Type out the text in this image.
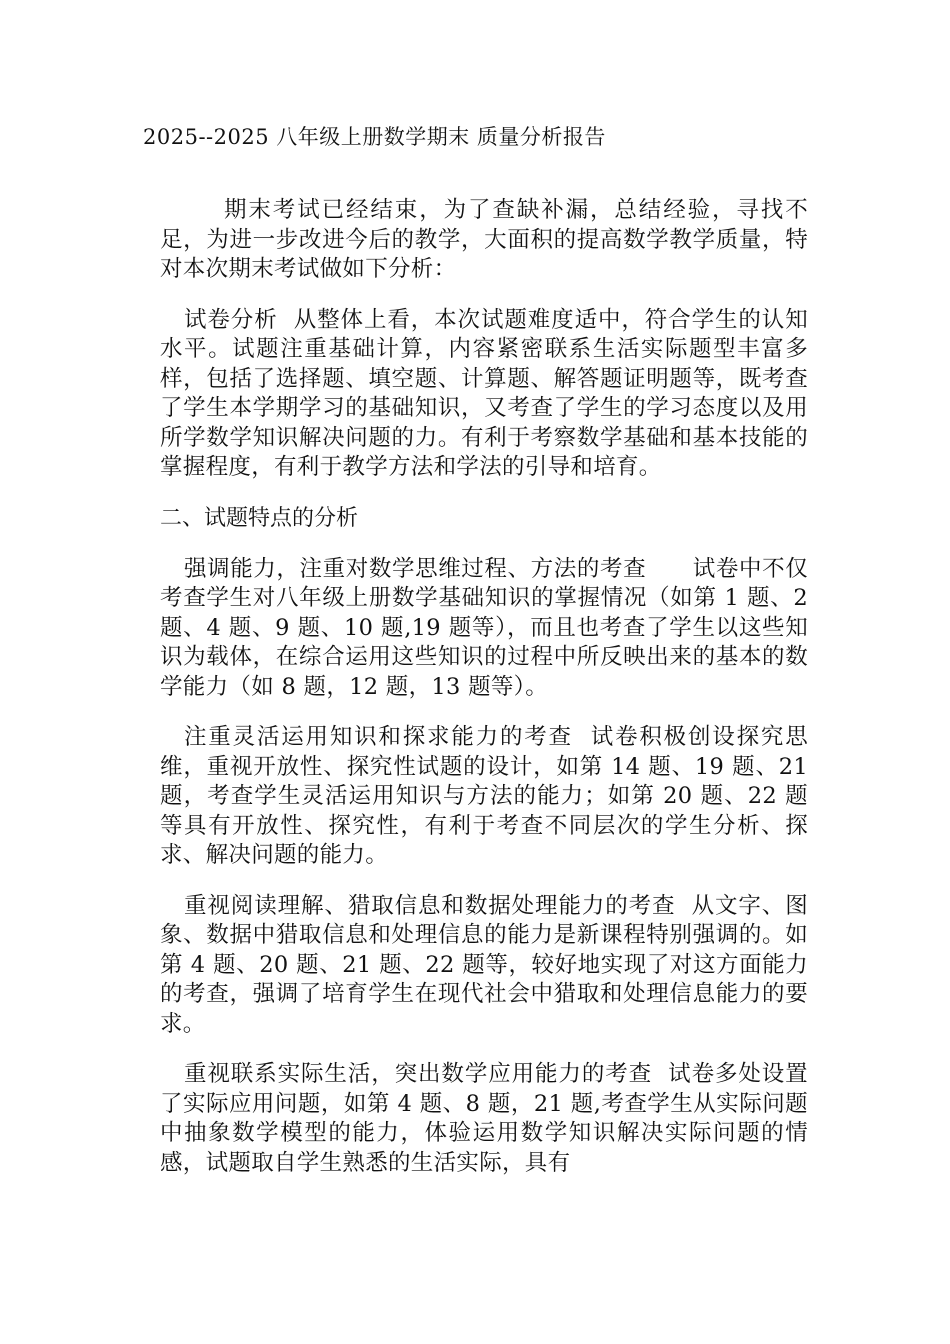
2025--2025 八年级上册数学期末 质量分析报告

期末考试已经结束，为了查缺补漏，总结经验，寻找不足，为进一步改进今后的教学，大面积的提高数学教学质量，特对本次期末考试做如下分析：

试卷分析  从整体上看，本次试题难度适中，符合学生的认知水平。试题注重基础计算，内容紧密联系生活实际题型丰富多样，包括了选择题、填空题、计算题、解答题证明题等，既考查了学生本学期学习的基础知识，又考查了学生的学习态度以及用所学数学知识解决问题的力。有利于考察数学基础和基本技能的掌握程度，有利于教学方法和学法的引导和培育。

二、试题特点的分析

强调能力，注重对数学思维过程、方法的考查      试卷中不仅考查学生对八年级上册数学基础知识的掌握情况（如第 1 题、2 题、4 题、9 题、10 题,19 题等），而且也考查了学生以这些知识为载体，在综合运用这些知识的过程中所反映出来的基本的数学能力（如 8 题，12 题，13 题等）。

注重灵活运用知识和探求能力的考查  试卷积极创设探究思维，重视开放性、探究性试题的设计，如第 14 题、19 题、21 题，考查学生灵活运用知识与方法的能力；如第 20 题、22 题等具有开放性、探究性，有利于考查不同层次的学生分析、探求、解决问题的能力。

重视阅读理解、猎取信息和数据处理能力的考查  从文字、图象、数据中猎取信息和处理信息的能力是新课程特别强调的。如第 4 题、20 题、21 题、22 题等，较好地实现了对这方面能力的考查，强调了培育学生在现代社会中猎取和处理信息能力的要求。

重视联系实际生活，突出数学应用能力的考查  试卷多处设置了实际应用问题，如第 4 题、8 题，21 题,考查学生从实际问题中抽象数学模型的能力，体验运用数学知识解决实际问题的情感，试题取自学生熟悉的生活实际，具有
